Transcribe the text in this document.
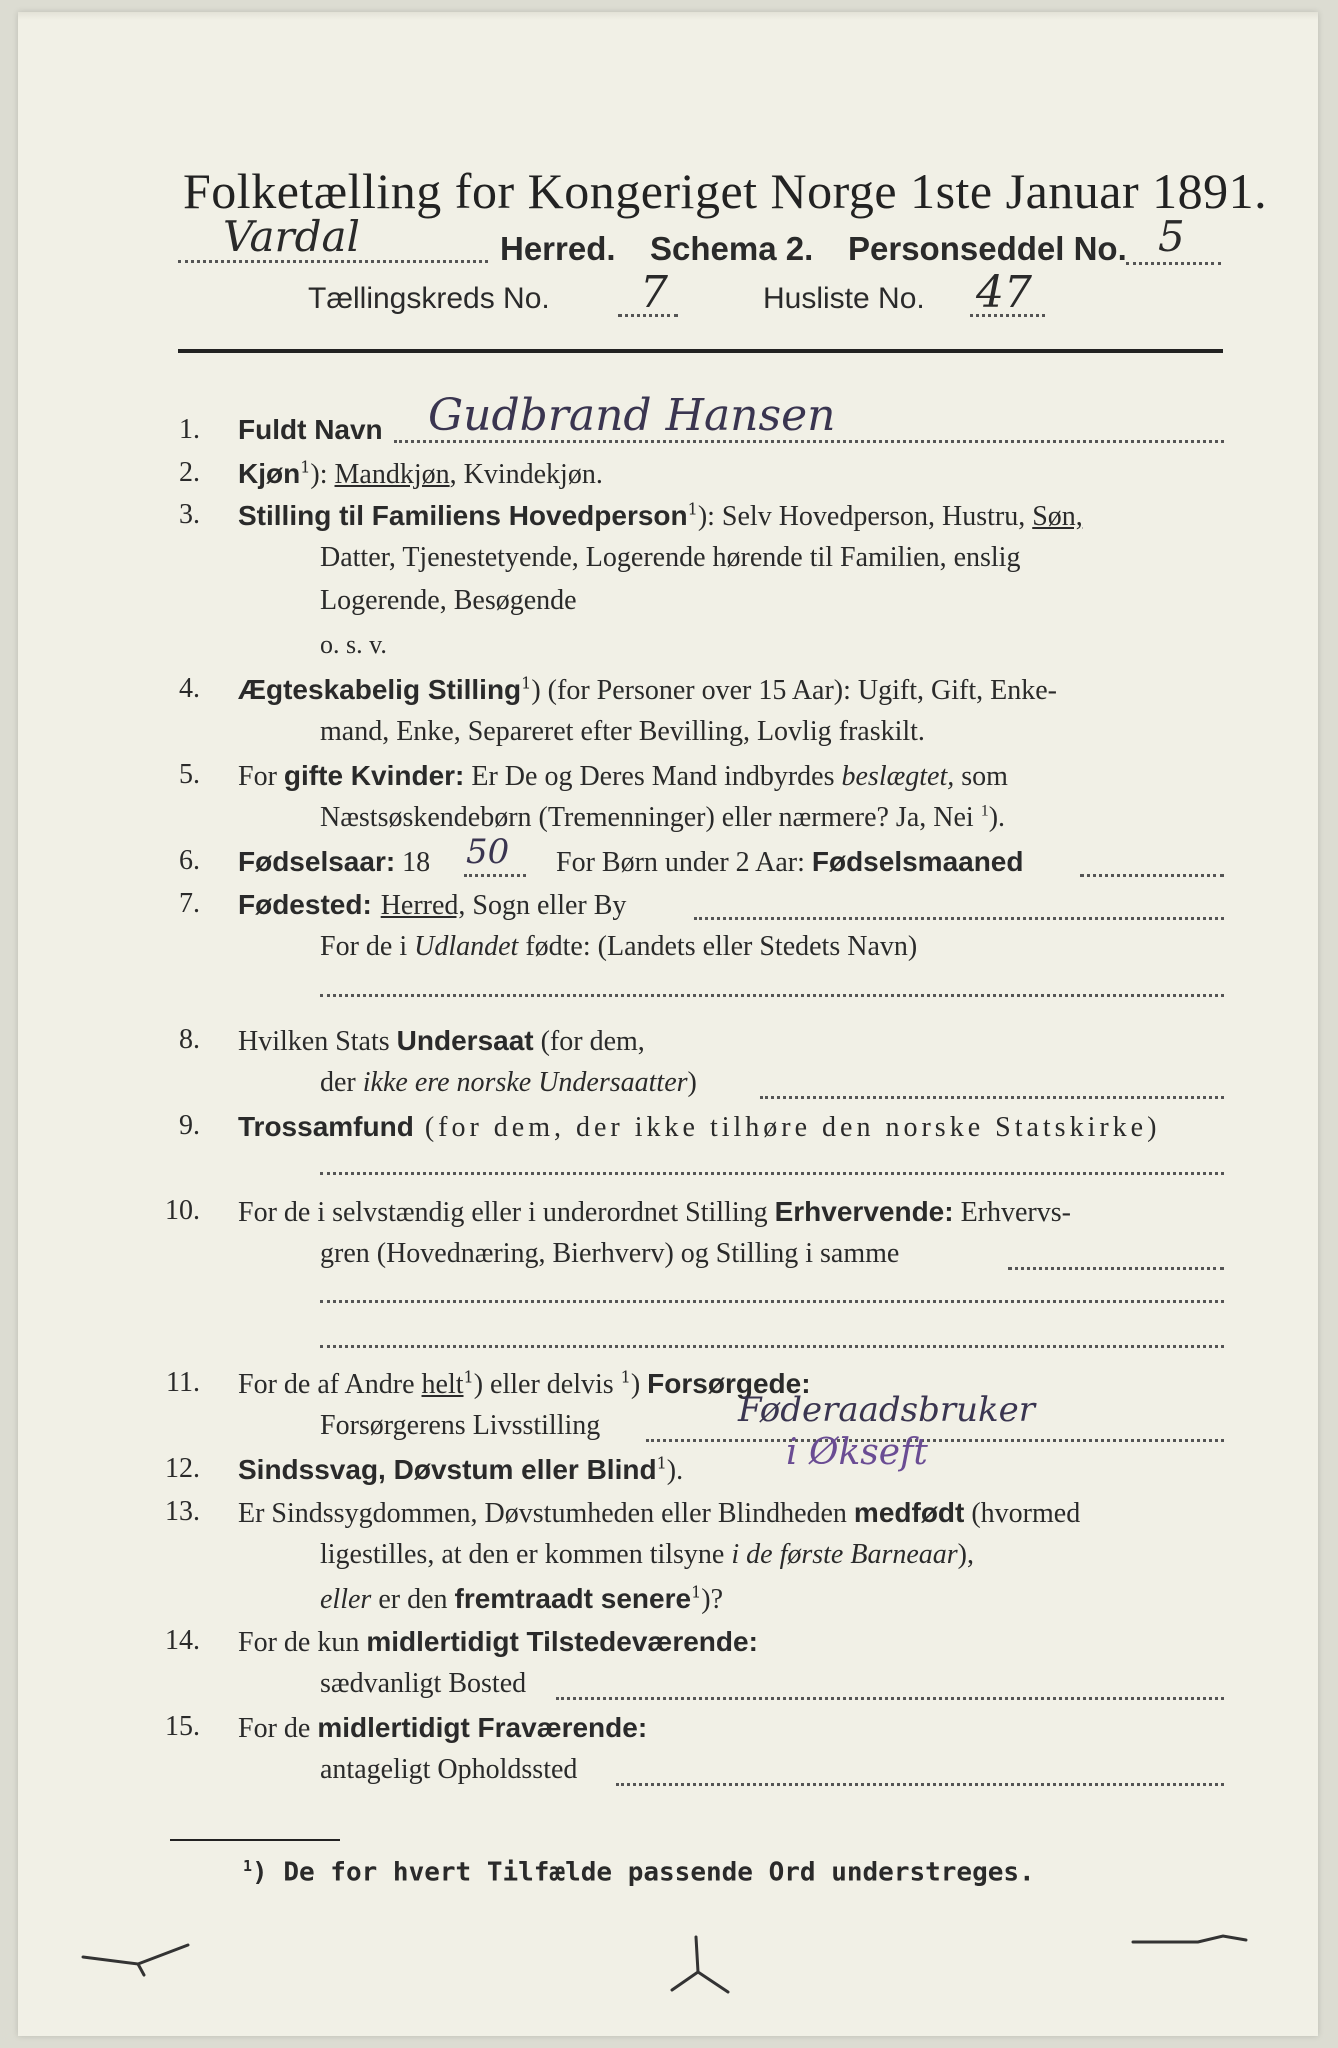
Folketælling for Kongeriget Norge 1ste Januar 1891.
Vardal	Herred. Schema 2. Personseddel No. 5
Tællingskreds No. 7	Husliste No. 47
1. Fuldt Navn Gudbrand Hansen
2. Kjøn$^1$): Mandkjøn, Kvindekjøn.
3. Stilling til Familiens Hovedperson$^1$): Selv Hovedperson, Hustru, Søn,
Datter, Tjenestetyende, Logerende hørende til Familien, enslig
Logerende, Besøgende
o. s. v.
4. Ægteskabelig Stilling$^1$) (for Personer over 15 Aar): Ugift, Gift, Enke-
mand, Enke, Separeret efter Bevilling, Lovlig fraskilt.
5. For gifte Kvinder: Er De og Deres Mand indbyrdes beslægtet, som
Næstsøskendebørn (Tremenninger) eller nærmere? Ja, Nei $^1$).
6. Fødselsaar: 18 50 For Børn under 2 Aar: Fødselsmaaned
7. Fødested: Herred, Sogn eller By
For de i Udlandet fødte: (Landets eller Stedets Navn)
8. Hvilken Stats Undersaat (for dem,
der ikke ere norske Undersaatter)
9. Trossamfund (for dem, der ikke tilhøre den norske Statskirke)
10. For de i selvstændig eller i underordnet Stilling Erhvervende: Erhvervs-
gren (Hovednæring, Bierhverv) og Stilling i samme
11. For de af Andre helt$^1$) eller delvis $^1$) Forsørgede:
Forsørgerens Livsstilling	Føderaadsbruker
12. Sindssvag, Døvstum eller Blind$^1$).	i Økseft
13. Er Sindssygdommen, Døvstumheden eller Blindheden medfødt (hvormed
ligestilles, at den er kommen tilsyne i de første Barneaar),
eller er den fremtraadt senere$^1$)?
14. For de kun midlertidigt Tilstedeværende:
sædvanligt Bosted
15. For de midlertidigt Fraværende:
antageligt Opholdssted
$^1$) De for hvert Tilfælde passende Ord understreges.
